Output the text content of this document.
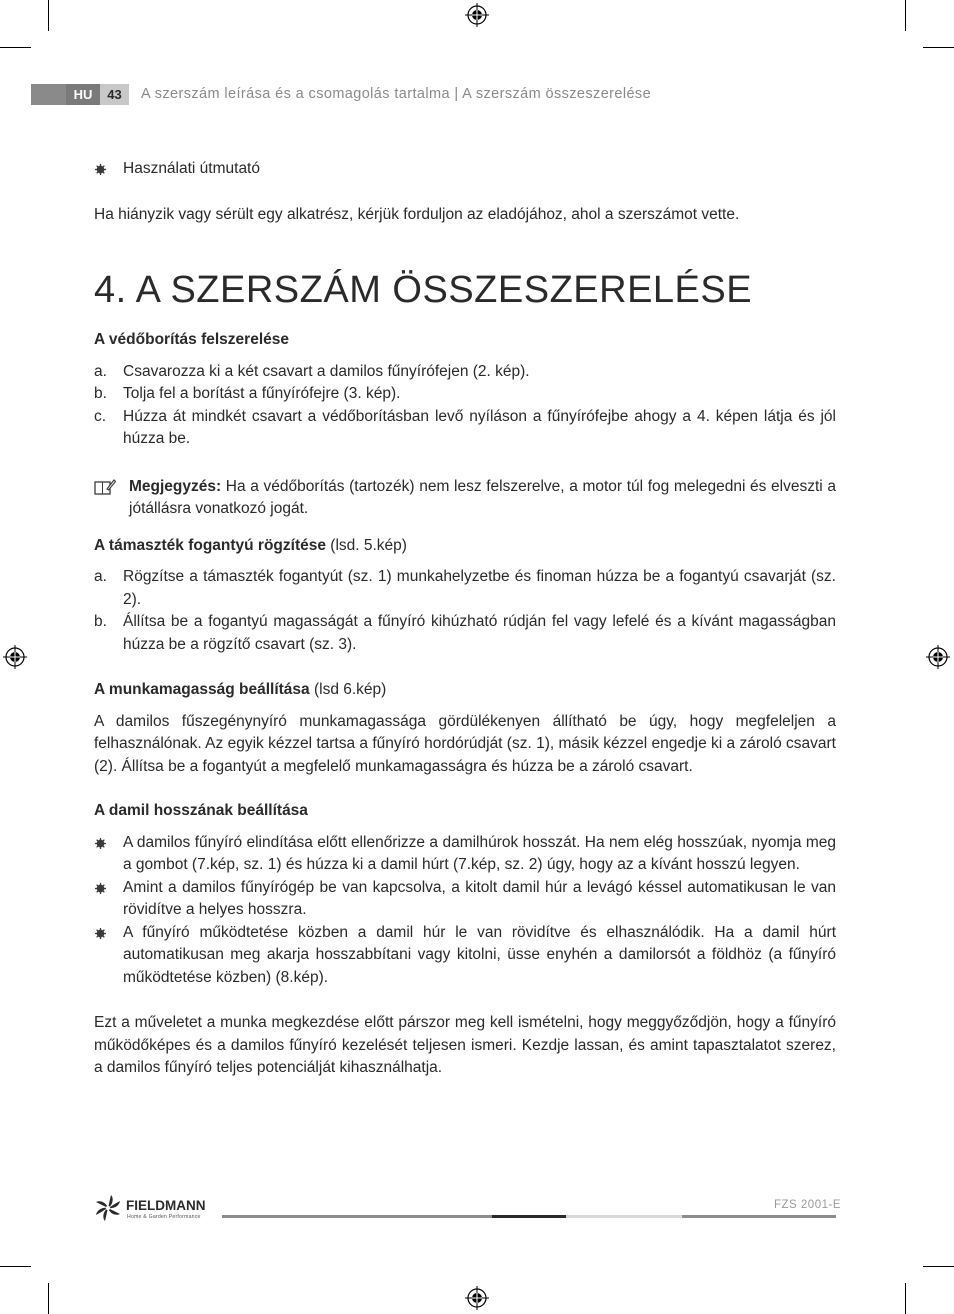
HU	43	A szerszám leírása és a csomagolás tartalma | A szerszám összeszerelése
Használati útmutató

Ha hiányzik vagy sérült egy alkatrész, kérjük forduljon az eladójához, ahol a szerszámot vette.

4. A SZERSZÁM ÖSSZESZERELÉSE

A védőborítás felszerelése

a. Csavarozza ki a két csavart a damilos fűnyírófejen (2. kép).
b. Tolja fel a borítást a fűnyírófejre (3. kép).
c. Húzza át mindkét csavart a védőborításban levő nyíláson a fűnyírófejbe ahogy a 4. képen látja és jól húzza be.
Megjegyzés: Ha a védőborítás (tartozék) nem lesz felszerelve, a motor túl fog melegedni és elveszti a jótállásra vonatkozó jogát.

A támaszték fogantyú rögzítése (lsd. 5.kép)

a. Rögzítse a támaszték fogantyút (sz. 1) munkahelyzetbe és finoman húzza be a fogantyú csavarját (sz. 2).
b. Állítsa be a fogantyú magasságát a fűnyíró kihúzható rúdján fel vagy lefelé és a kívánt magasságban húzza be a rögzítő csavart (sz. 3).

A munkamagasság beállítása (lsd 6.kép)

A damilos fűszegénynyíró munkamagassága gördülékenyen állítható be úgy, hogy megfeleljen a felhasználónak. Az egyik kézzel tartsa a fűnyíró hordórúdját (sz. 1), másik kézzel engedje ki a zároló csavart (2). Állítsa be a fogantyút a megfelelő munkamagasságra és húzza be a zároló csavart.

A damil hosszának beállítása

A damilos fűnyíró elindítása előtt ellenőrizze a damilhúrok hosszát. Ha nem elég hosszúak, nyomja meg a gombot (7.kép, sz. 1) és húzza ki a damil húrt (7.kép, sz. 2) úgy, hogy az a kívánt hosszú legyen.
Amint a damilos fűnyírógép be van kapcsolva, a kitolt damil húr a levágó késsel automatikusan le van rövidítve a helyes hosszra.
A fűnyíró működtetése közben a damil húr le van rövidítve és elhasználódik. Ha a damil húrt automatikusan meg akarja hosszabbítani vagy kitolni, üsse enyhén a damilorsót a földhöz (a fűnyíró működtetése közben) (8.kép).

Ezt a műveletet a munka megkezdése előtt párszor meg kell ismételni, hogy meggyőződjön, hogy a fűnyíró működőképes és a damilos fűnyíró kezelését teljesen ismeri. Kezdje lassan, és amint tapasztalatot szerez, a damilos fűnyíró teljes potenciálját kihasználhatja.

FIELDMANN
Home & Garden Performance
FZS 2001-E
